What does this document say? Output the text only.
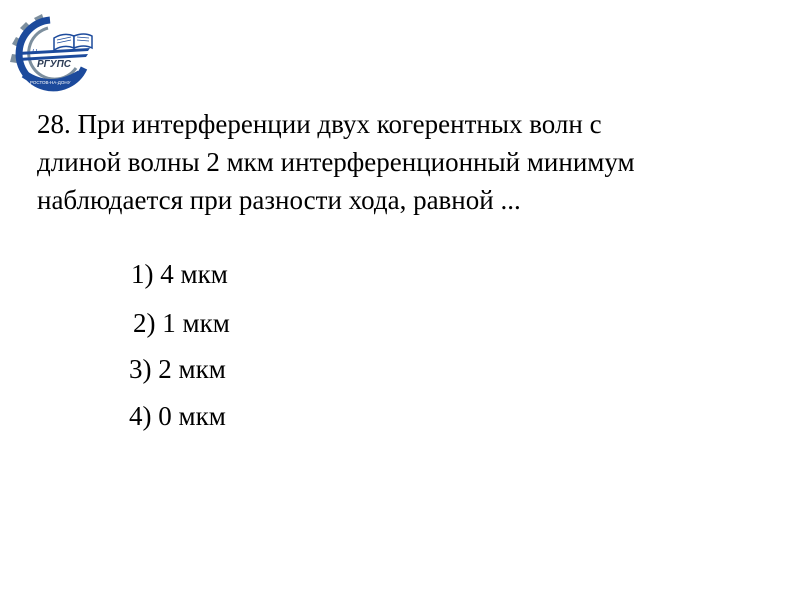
U
РГУПС
РОСТОВ-НА-ДОНУ
28. При интерференции двух когерентных волн с
длиной волны 2 мкм интерференционный минимум
наблюдается при разности хода, равной ...
1) 4 мкм
2) 1 мкм
3) 2 мкм
4) 0 мкм
